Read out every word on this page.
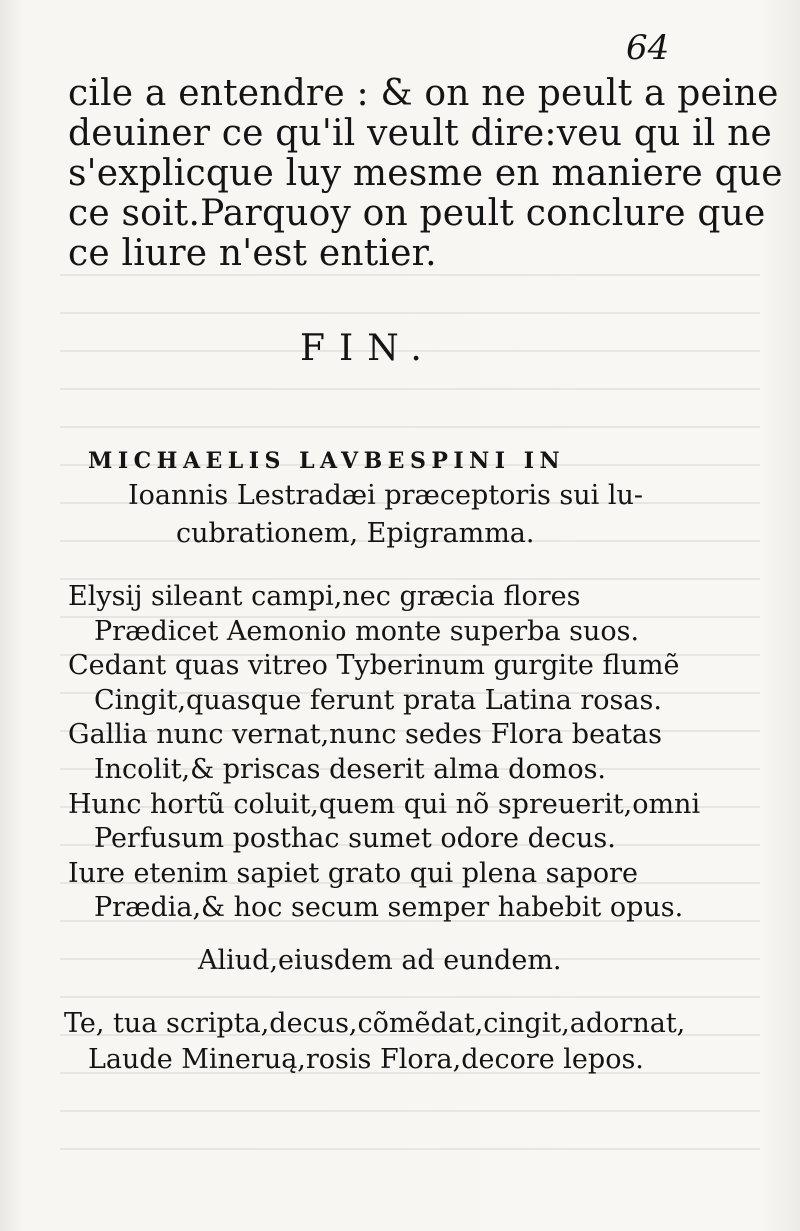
64
cile a entendre : & on ne peult a peine
deuiner ce qu'il veult dire:veu qu il ne
s'explicque luy mesme en maniere que
ce soit.Parquoy on peult conclure que
ce liure n'est entier.
FIN.
MICHAELIS LAVBESPINI IN
Ioannis Lestradæi præceptoris sui lu-
cubrationem, Epigramma.
Elysij sileant campi,nec græcia flores
Prædicet Aemonio monte superba suos.
Cedant quas vitreo Tyberinum gurgite flumẽ
Cingit,quasque ferunt prata Latina rosas.
Gallia nunc vernat,nunc sedes Flora beatas
Incolit,& priscas deserit alma domos.
Hunc hortũ coluit,quem qui nõ spreuerit,omni
Perfusum posthac sumet odore decus.
Iure etenim sapiet grato qui plena sapore
Prædia,& hoc secum semper habebit opus.
Aliud,eiusdem ad eundem.
Te, tua scripta,decus,cõmẽdat,cingit,adornat,
Laude Mineruą,rosis Flora,decore lepos.
